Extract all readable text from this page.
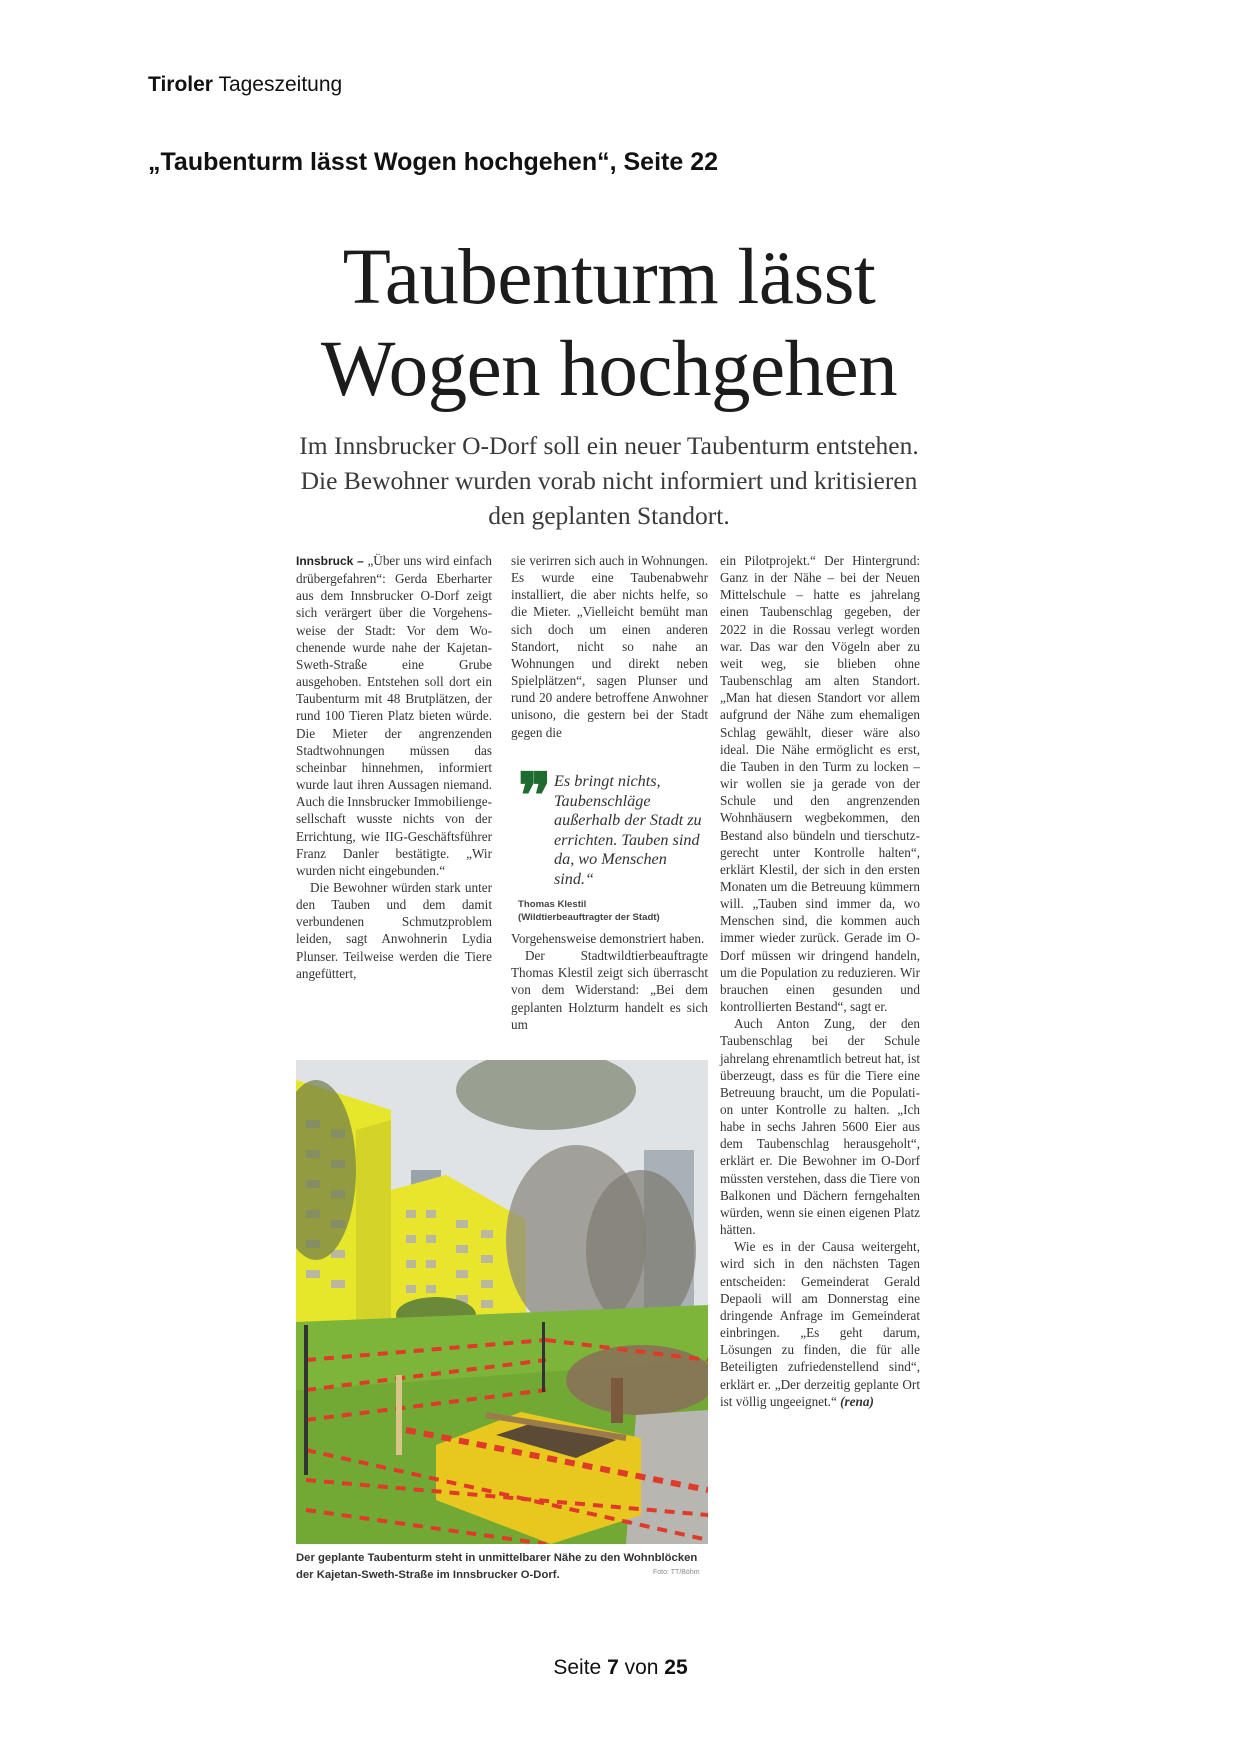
Tiroler Tageszeitung
„Taubenturm lässt Wogen hochgehen“, Seite 22
Taubenturm lässt
Wogen hochgehen
Im Innsbrucker O-Dorf soll ein neuer Taubenturm entstehen. Die Bewohner wurden vorab nicht informiert und kritisieren den geplanten Standort.

Innsbruck – „Über uns wird einfach drübergefahren“: Gerda Eberharter aus dem Innsbrucker O-Dorf zeigt sich verärgert über die Vorgehensweise der Stadt: Vor dem Wochenende wurde nahe der Kajetan-Sweth-Straße eine Grube ausgehoben. Entstehen soll dort ein Taubenturm mit 48 Brutplätzen, der rund 100 Tieren Platz bieten würde. Die Mieter der angrenzenden Stadtwohnungen müssen das scheinbar hinnehmen, informiert wurde laut ihren Aussagen niemand. Auch die Innsbrucker Immobiliengesellschaft wusste nichts von der Errichtung, wie IIG-Geschäftsführer Franz Danler bestätigte. „Wir wurden nicht eingebunden.“

Die Bewohner würden stark unter den Tauben und dem damit verbundenen Schmutzproblem leiden, sagt Anwohnerin Lydia Plunser. Teilweise werden die Tiere angefüttert,

sie verirren sich auch in Wohnungen. Es wurde eine Taubenabwehr installiert, die aber nichts helfe, so die Mieter. „Vielleicht bemüht man sich doch um einen anderen Standort, nicht so nahe an Wohnungen und direkt neben Spielplätzen“, sagen Plunser und rund 20 andere betroffene Anwohner unisono, die gestern bei der Stadt gegen die

❞ Es bringt nichts,
Taubenschläge außerhalb der Stadt zu errichten. Tauben sind da, wo Menschen sind.“
Thomas Klestil
(Wildtierbeauftragter der Stadt)

Vorgehensweise demonstriert haben.

Der Stadtwildtierbeauftragte Thomas Klestil zeigt sich überrascht von dem Widerstand: „Bei dem geplanten Holzturm handelt es sich um

ein Pilotprojekt.“ Der Hintergrund: Ganz in der Nähe – bei der Neuen Mittelschule – hatte es jahrelang einen Taubenschlag gegeben, der 2022 in die Rossau verlegt worden war. Das war den Vögeln aber zu weit weg, sie blieben ohne Taubenschlag am alten Standort. „Man hat diesen Standort vor allem aufgrund der Nähe zum ehemaligen Schlag gewählt, dieser wäre also ideal. Die Nähe ermöglicht es erst, die Tauben in den Turm zu locken – wir wollen sie ja gerade von der Schule und den angrenzenden Wohnhäusern wegbekommen, den Bestand also bündeln und tierschutzgerecht unter Kontrolle halten“, erklärt Klestil, der sich in den ersten Monaten um die Betreuung kümmern will. „Tauben sind immer da, wo Menschen sind, die kommen auch immer wieder zurück. Gerade im O-Dorf müssen wir dringend handeln, um die Population zu reduzieren. Wir brauchen einen gesunden und kontrollierten Bestand“, sagt er.

Auch Anton Zung, der den Taubenschlag bei der Schule jahrelang ehrenamtlich betreut hat, ist überzeugt, dass es für die Tiere eine Betreuung braucht, um die Population unter Kontrolle zu halten. „Ich habe in sechs Jahren 5600 Eier aus dem Taubenschlag herausgeholt“, erklärt er. Die Bewohner im O-Dorf müssten verstehen, dass die Tiere von Balkonen und Dächern ferngehalten würden, wenn sie einen eigenen Platz hätten.

Wie es in der Causa weitergeht, wird sich in den nächsten Tagen entscheiden: Gemeinderat Gerald Depaoli will am Donnerstag eine dringende Anfrage im Gemeinderat einbringen. „Es geht darum, Lösungen zu finden, die für alle Beteiligten zufriedenstellend sind“, erklärt er. „Der derzeitig geplante Ort ist völlig ungeeignet.“ (rena)

Der geplante Taubenturm steht in unmittelbarer Nähe zu den Wohnblöcken der Kajetan-Sweth-Straße im Innsbrucker O-Dorf.	Foto: TT/Böhm
Seite 7 von 25
